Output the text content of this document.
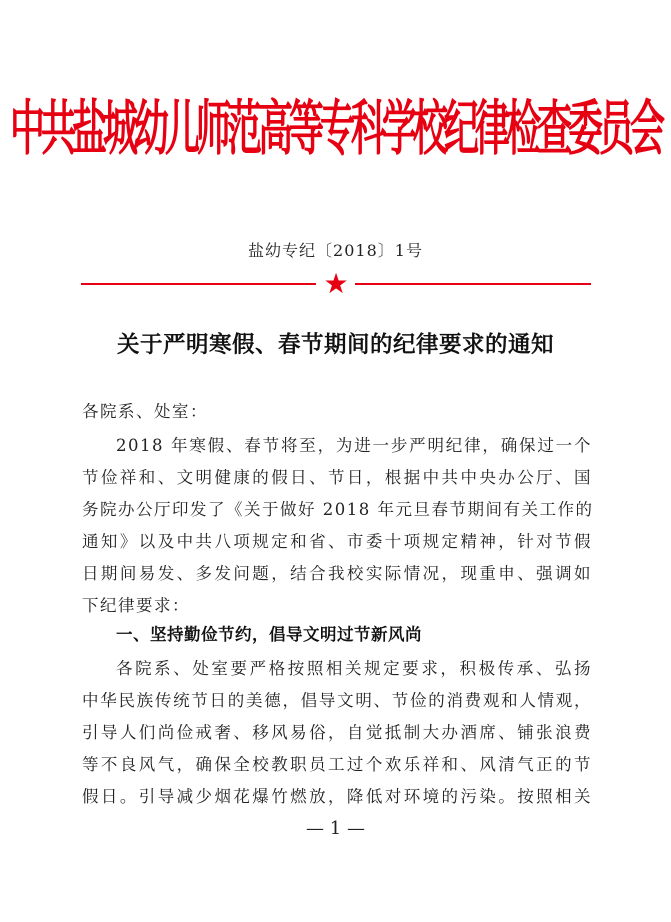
中共盐城幼儿师范高等专科学校纪律检查委员会
盐幼专纪〔2018〕1号
★
关于严明寒假、春节期间的纪律要求的通知
各院系、处室：
2018 年寒假、春节将至，为进一步严明纪律，确保过一个
节俭祥和、文明健康的假日、节日，根据中共中央办公厅、国
务院办公厅印发了《关于做好 2018 年元旦春节期间有关工作的
通知》以及中共八项规定和省、市委十项规定精神，针对节假
日期间易发、多发问题，结合我校实际情况，现重申、强调如
下纪律要求：
一、坚持勤俭节约，倡导文明过节新风尚
各院系、处室要严格按照相关规定要求，积极传承、弘扬
中华民族传统节日的美德，倡导文明、节俭的消费观和人情观，
引导人们尚俭戒奢、移风易俗，自觉抵制大办酒席、铺张浪费
等不良风气，确保全校教职员工过个欢乐祥和、风清气正的节
假日。引导减少烟花爆竹燃放，降低对环境的污染。按照相关
— 1 —
